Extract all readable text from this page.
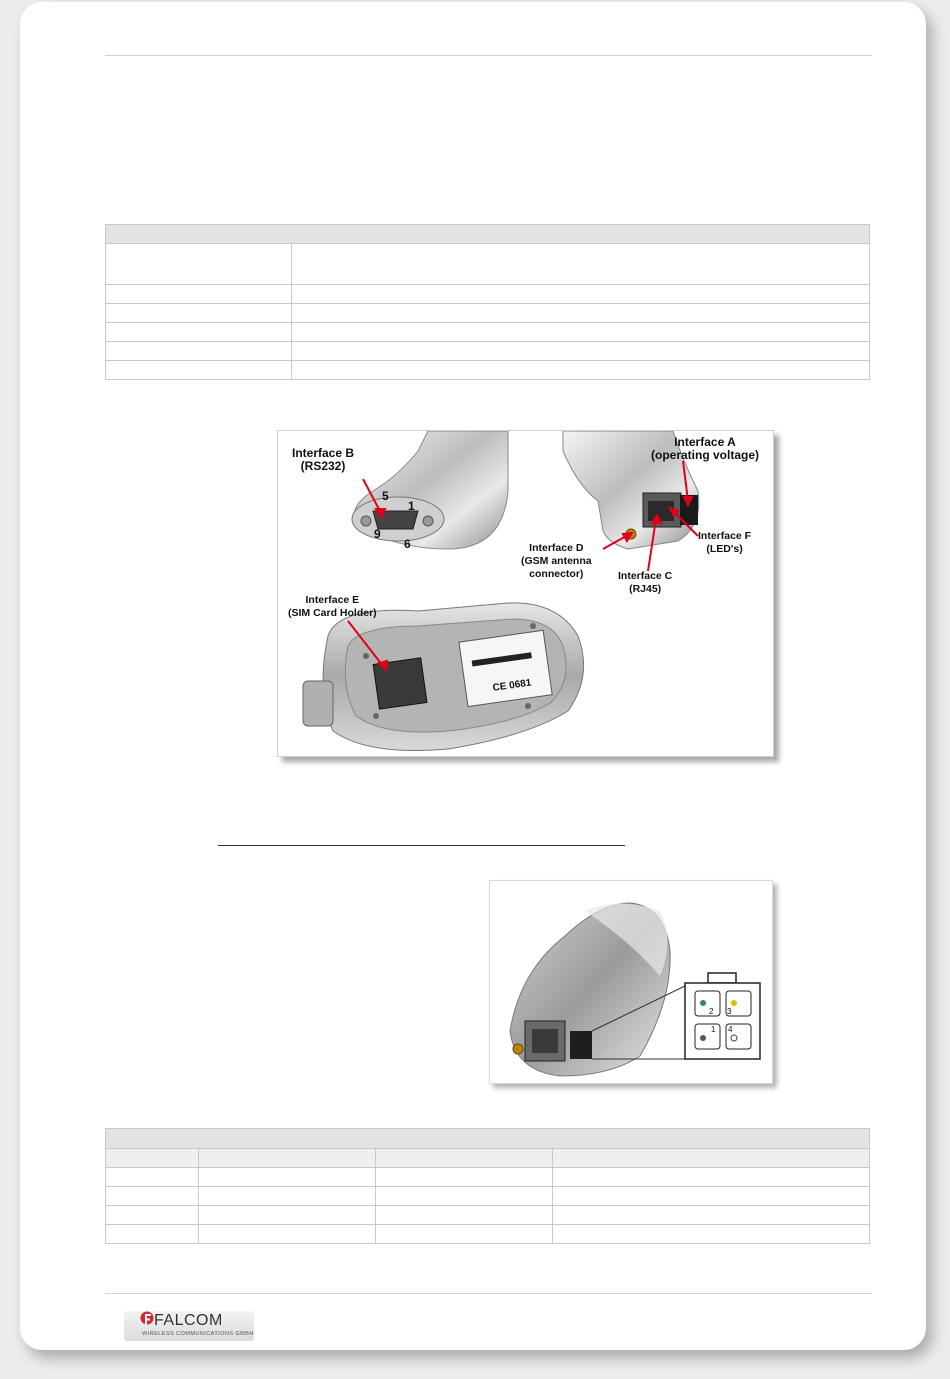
CE 0681
Interface B
(RS232)
5
1
9
6
Interface A
(operating voltage)
Interface F
(LED's)
Interface D
(GSM antenna
connector)	Interface C
(RJ45)
Interface E
(SIM Card Holder)
2 3
1 4

FALCOM
WIRELESS COMMUNICATIONS GMBH
